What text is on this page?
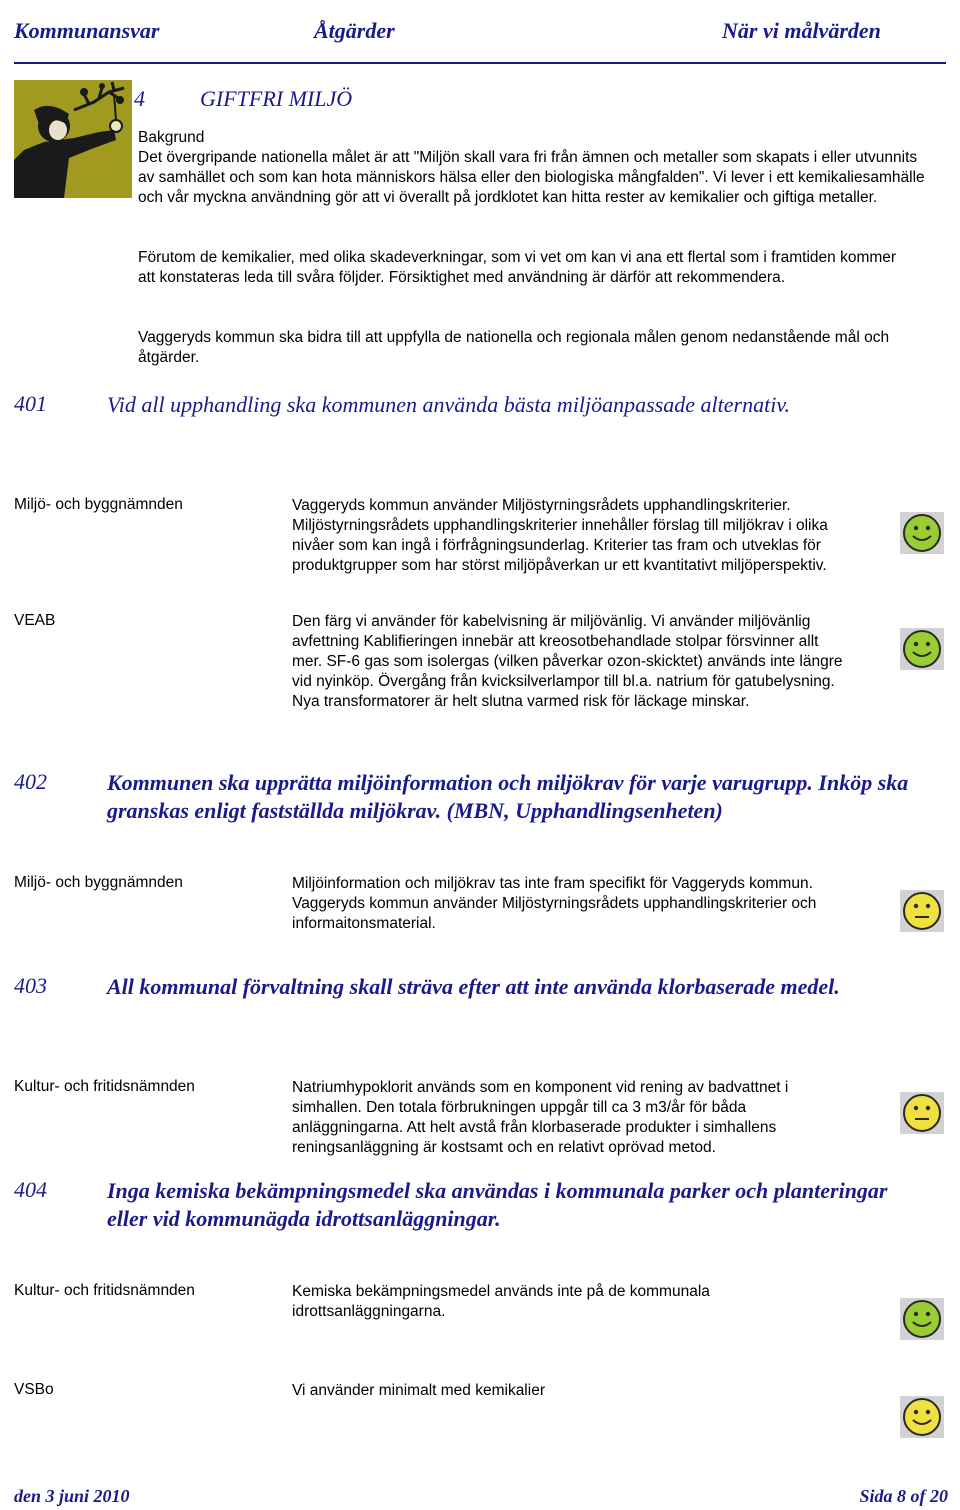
Kommunansvar	Åtgärder	När vi målvärden
4	GIFTFRI MILJÖ
Bakgrund
Det övergripande nationella målet är att "Miljön skall vara fri från ämnen och metaller som skapats i eller utvunnits av samhället och som kan hota människors hälsa eller den biologiska mångfalden". Vi lever i ett kemikaliesamhälle och vår myckna användning gör att vi överallt på jordklotet kan hitta rester av kemikalier och giftiga metaller.
Förutom de kemikalier, med olika skadeverkningar, som vi vet om kan vi ana ett flertal som i framtiden kommer att konstateras leda till svåra följder. Försiktighet med användning är därför att rekommendera.
Vaggeryds kommun ska bidra till att uppfylla de nationella och regionala målen genom nedanstående mål och åtgärder.
401	Vid all upphandling ska kommunen använda bästa miljöanpassade alternativ.
Miljö- och byggnämnden	Vaggeryds kommun använder Miljöstyrningsrådets upphandlingskriterier. Miljöstyrningsrådets upphandlingskriterier innehåller förslag till miljökrav i olika nivåer som kan ingå i förfrågningsunderlag. Kriterier tas fram och utveklas för produktgrupper som har störst miljöpåverkan ur ett kvantitativt miljöperspektiv.
VEAB	Den färg vi använder för kabelvisning är miljövänlig. Vi använder miljövänlig avfettning Kablifieringen innebär att kreosotbehandlade stolpar försvinner allt mer. SF-6 gas som isolergas (vilken påverkar ozon-skicktet) används inte längre vid nyinköp. Övergång från kvicksilverlampor till bl.a. natrium för gatubelysning. Nya transformatorer är helt slutna varmed risk för läckage minskar.
402	Kommunen ska upprätta miljöinformation och miljökrav för varje varugrupp. Inköp ska granskas enligt fastställda miljökrav. (MBN, Upphandlingsenheten)
Miljö- och byggnämnden	Miljöinformation och miljökrav tas inte fram specifikt för Vaggeryds kommun. Vaggeryds kommun använder Miljöstyrningsrådets upphandlingskriterier och informaitonsmaterial.
403	All kommunal förvaltning skall sträva efter att inte använda klorbaserade medel.
Kultur- och fritidsnämnden	Natriumhypoklorit används som en komponent vid rening av badvattnet i simhallen. Den totala förbrukningen uppgår till ca 3 m3/år för båda anläggningarna. Att helt avstå från klorbaserade produkter i simhallens reningsanläggning är kostsamt och en relativt oprövad metod.
404	Inga kemiska bekämpningsmedel ska användas i kommunala parker och planteringar eller vid kommunägda idrottsanläggningar.
Kultur- och fritidsnämnden	Kemiska bekämpningsmedel används inte på de kommunala idrottsanläggningarna.
VSBo	Vi använder minimalt med kemikalier
den 3 juni 2010	Sida 8 of 20
